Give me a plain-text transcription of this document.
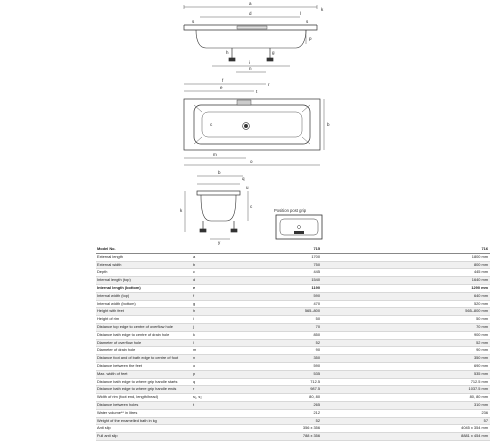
a
d	l
s	s
k
p
h	g
i
n
f
e
r
t
b
c
m
o
b
q
u
k
c
y
Position post grip
Model No.		715	716
External length	a	1700	1800 mm
External width	b	750	800 mm
Depth	c	445	445 mm
Internal length (top)	d	1540	1640 mm
Internal length (bottom)	e	1190	1290 mm
Internal width (top)	f	590	640 mm
Internal width (bottom)	g	470	520 mm
Height with feet	h	565–800	565–800 mm
Height of rim	i	50	50 mm
Distance top edge to centre of overflow hole	j	70	70 mm
Distance bath edge to centre of drain hole	k	850	900 mm
Diameter of overflow hole	l	52	52 mm
Diameter of drain hole	m	90	90 mm
Distance foot and of bath edge to centre of foot	n	350	350 mm
Distance between the feet	o	590	690 mm
Max. width of feet	p	535	535 mm
Distance bath edge to where grip handle starts	q	712.5	712.5 mm
Distance bath edge to where grip handle ends	r	987.5	1037.5 mm
Width of rim (foot end, length/head)	s₁, s₂	80, 80	80, 80 mm
Distance between holes	t	265	310 mm
Water volume** in litres		212	236
Weight of the enamelled bath in kg		52	57
Anti slip		356 x 356	4045 x 354 mm
Full anti slip		788 x 356	8881 x 454 mm
